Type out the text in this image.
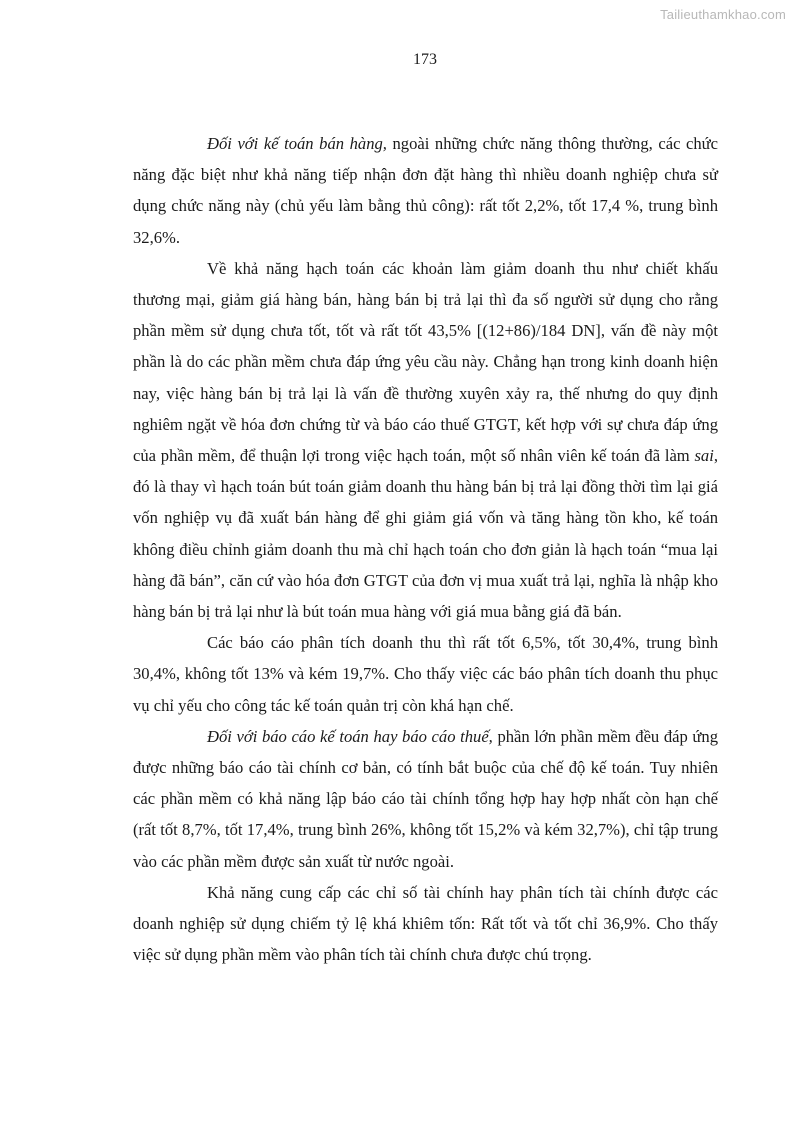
Tailieuthamkhao.com
173

Đối với kế toán bán hàng, ngoài những chức năng thông thường, các chức năng đặc biệt như khả năng tiếp nhận đơn đặt hàng thì nhiều doanh nghiệp chưa sử dụng chức năng này (chủ yếu làm bằng thủ công): rất tốt 2,2%, tốt 17,4 %, trung bình 32,6%.

Về khả năng hạch toán các khoản làm giảm doanh thu như chiết khấu thương mại, giảm giá hàng bán, hàng bán bị trả lại thì đa số người sử dụng cho rằng phần mềm sử dụng chưa tốt, tốt và rất tốt 43,5% [(12+86)/184 DN], vấn đề này một phần là do các phần mềm chưa đáp ứng yêu cầu này. Chẳng hạn trong kinh doanh hiện nay, việc hàng bán bị trả lại là vấn đề thường xuyên xảy ra, thế nhưng do quy định nghiêm ngặt về hóa đơn chứng từ và báo cáo thuế GTGT, kết hợp với sự chưa đáp ứng của phần mềm, để thuận lợi trong việc hạch toán, một số nhân viên kế toán đã làm sai, đó là thay vì hạch toán bút toán giảm doanh thu hàng bán bị trả lại đồng thời tìm lại giá vốn nghiệp vụ đã xuất bán hàng để ghi giảm giá vốn và tăng hàng tồn kho, kế toán không điều chỉnh giảm doanh thu mà chỉ hạch toán cho đơn giản là hạch toán “mua lại hàng đã bán”, căn cứ vào hóa đơn GTGT của đơn vị mua xuất trả lại, nghĩa là nhập kho hàng bán bị trả lại như là bút toán mua hàng với giá mua bằng giá đã bán.

Các báo cáo phân tích doanh thu thì rất tốt 6,5%, tốt 30,4%, trung bình 30,4%, không tốt 13% và kém 19,7%. Cho thấy việc các báo phân tích doanh thu phục vụ chỉ yếu cho công tác kế toán quản trị còn khá hạn chế.

Đối với báo cáo kế toán hay báo cáo thuế, phần lớn phần mềm đều đáp ứng được những báo cáo tài chính cơ bản, có tính bắt buộc của chế độ kế toán. Tuy nhiên các phần mềm có khả năng lập báo cáo tài chính tổng hợp hay hợp nhất còn hạn chế (rất tốt 8,7%, tốt 17,4%, trung bình 26%, không tốt 15,2% và kém 32,7%), chỉ tập trung vào các phần mềm được sản xuất từ nước ngoài.

Khả năng cung cấp các chỉ số tài chính hay phân tích tài chính được các doanh nghiệp sử dụng chiếm tỷ lệ khá khiêm tốn: Rất tốt và tốt chỉ 36,9%. Cho thấy việc sử dụng phần mềm vào phân tích tài chính chưa được chú trọng.
